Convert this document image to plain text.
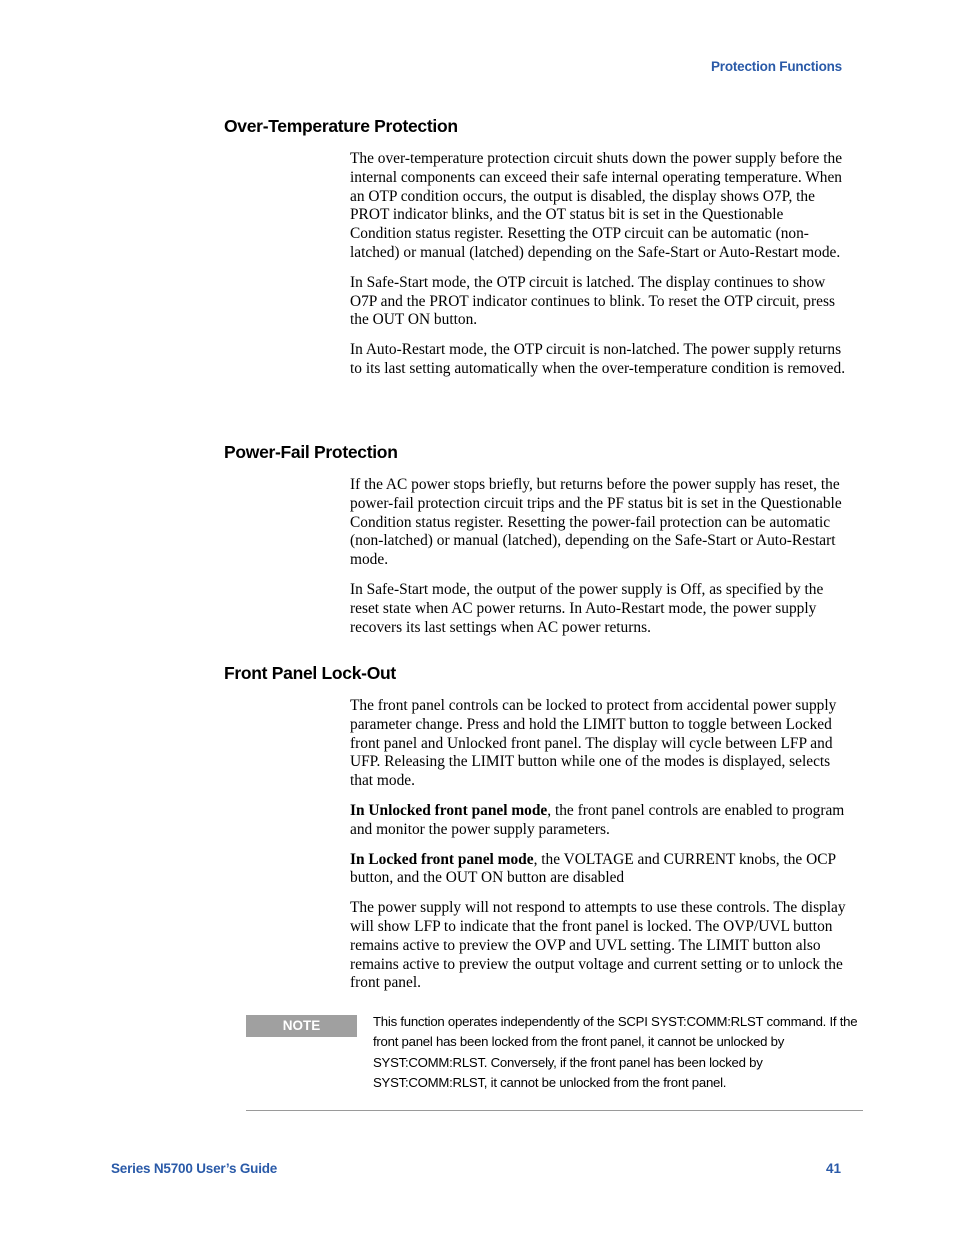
Protection Functions
Over-Temperature Protection

The over-temperature protection circuit shuts down the power supply before the internal components can exceed their safe internal operating temperature. When an OTP condition occurs, the output is disabled, the display shows O7P, the PROT indicator blinks, and the OT status bit is set in the Questionable Condition status register. Resetting the OTP circuit can be automatic (non-latched) or manual (latched) depending on the Safe-Start or Auto-Restart mode.

In Safe-Start mode, the OTP circuit is latched. The display continues to show O7P and the PROT indicator continues to blink. To reset the OTP circuit, press the OUT ON button.

In Auto-Restart mode, the OTP circuit is non-latched. The power supply returns to its last setting automatically when the over-temperature condition is removed.

Power-Fail Protection

If the AC power stops briefly, but returns before the power supply has reset, the power-fail protection circuit trips and the PF status bit is set in the Questionable Condition status register. Resetting the power-fail protection can be automatic (non-latched) or manual (latched), depending on the Safe-Start or Auto-Restart mode.

In Safe-Start mode, the output of the power supply is Off, as specified by the reset state when AC power returns. In Auto-Restart mode, the power supply recovers its last settings when AC power returns.

Front Panel Lock-Out

The front panel controls can be locked to protect from accidental power supply parameter change. Press and hold the LIMIT button to toggle between Locked front panel and Unlocked front panel. The display will cycle between LFP and UFP. Releasing the LIMIT button while one of the modes is displayed, selects that mode.

In Unlocked front panel mode, the front panel controls are enabled to program and monitor the power supply parameters.

In Locked front panel mode, the VOLTAGE and CURRENT knobs, the OCP button, and the OUT ON button are disabled

The power supply will not respond to attempts to use these controls. The display will show LFP to indicate that the front panel is locked. The OVP/UVL button remains active to preview the OVP and UVL setting. The LIMIT button also remains active to preview the output voltage and current setting or to unlock the front panel.

NOTE	This function operates independently of the SCPI SYST:COMM:RLST command. If the front panel has been locked from the front panel, it cannot be unlocked by SYST:COMM:RLST. Conversely, if the front panel has been locked by SYST:COMM:RLST, it cannot be unlocked from the front panel.
Series N5700 User’s Guide	41
